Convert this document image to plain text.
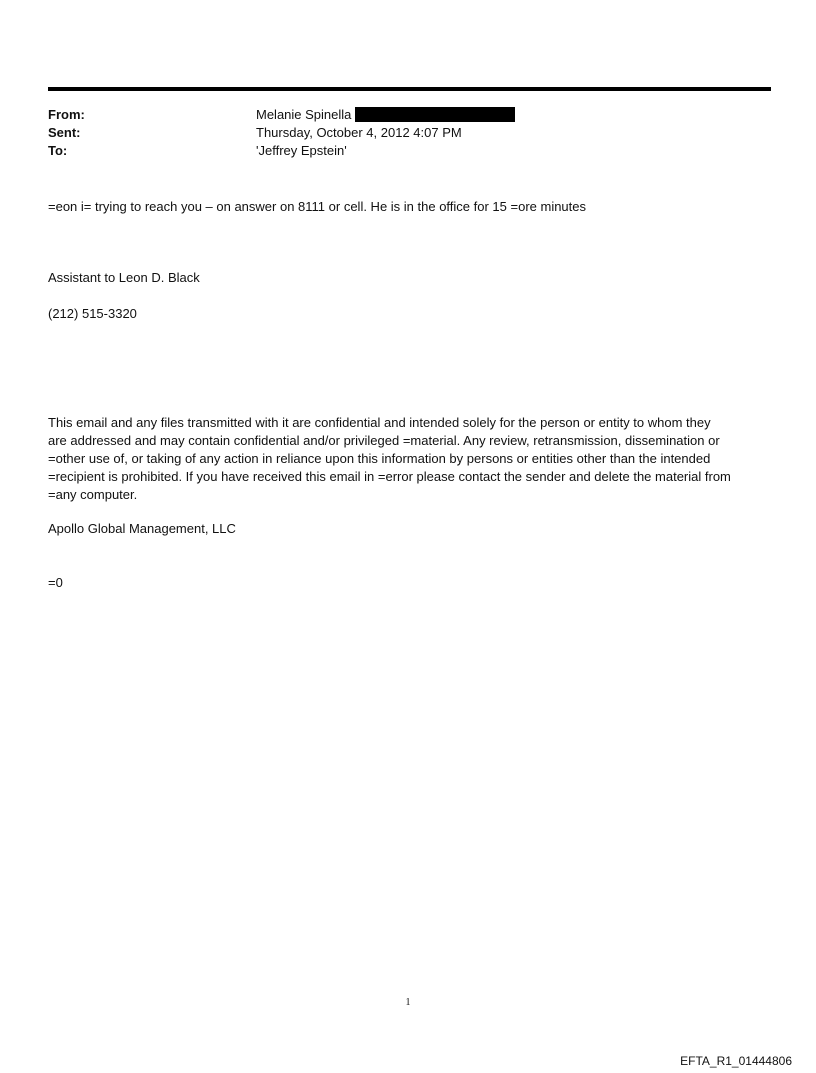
From:	Melanie Spinella
Sent:	Thursday, October 4, 2012 4:07 PM
To:	'Jeffrey Epstein'
=eon i= trying to reach you – on answer on 8111 or cell. He is in the office for 15 =ore minutes
Assistant to Leon D. Black
(212) 515-3320
This email and any files transmitted with it are confidential and intended solely for the person or entity to whom they
are addressed and may contain confidential and/or privileged =material. Any review, retransmission, dissemination or
=other use of, or taking of any action in reliance upon this information by persons or entities other than the intended
=recipient is prohibited. If you have received this email in =error please contact the sender and delete the material from
=any computer.
Apollo Global Management, LLC
=0
1
EFTA_R1_01444806
